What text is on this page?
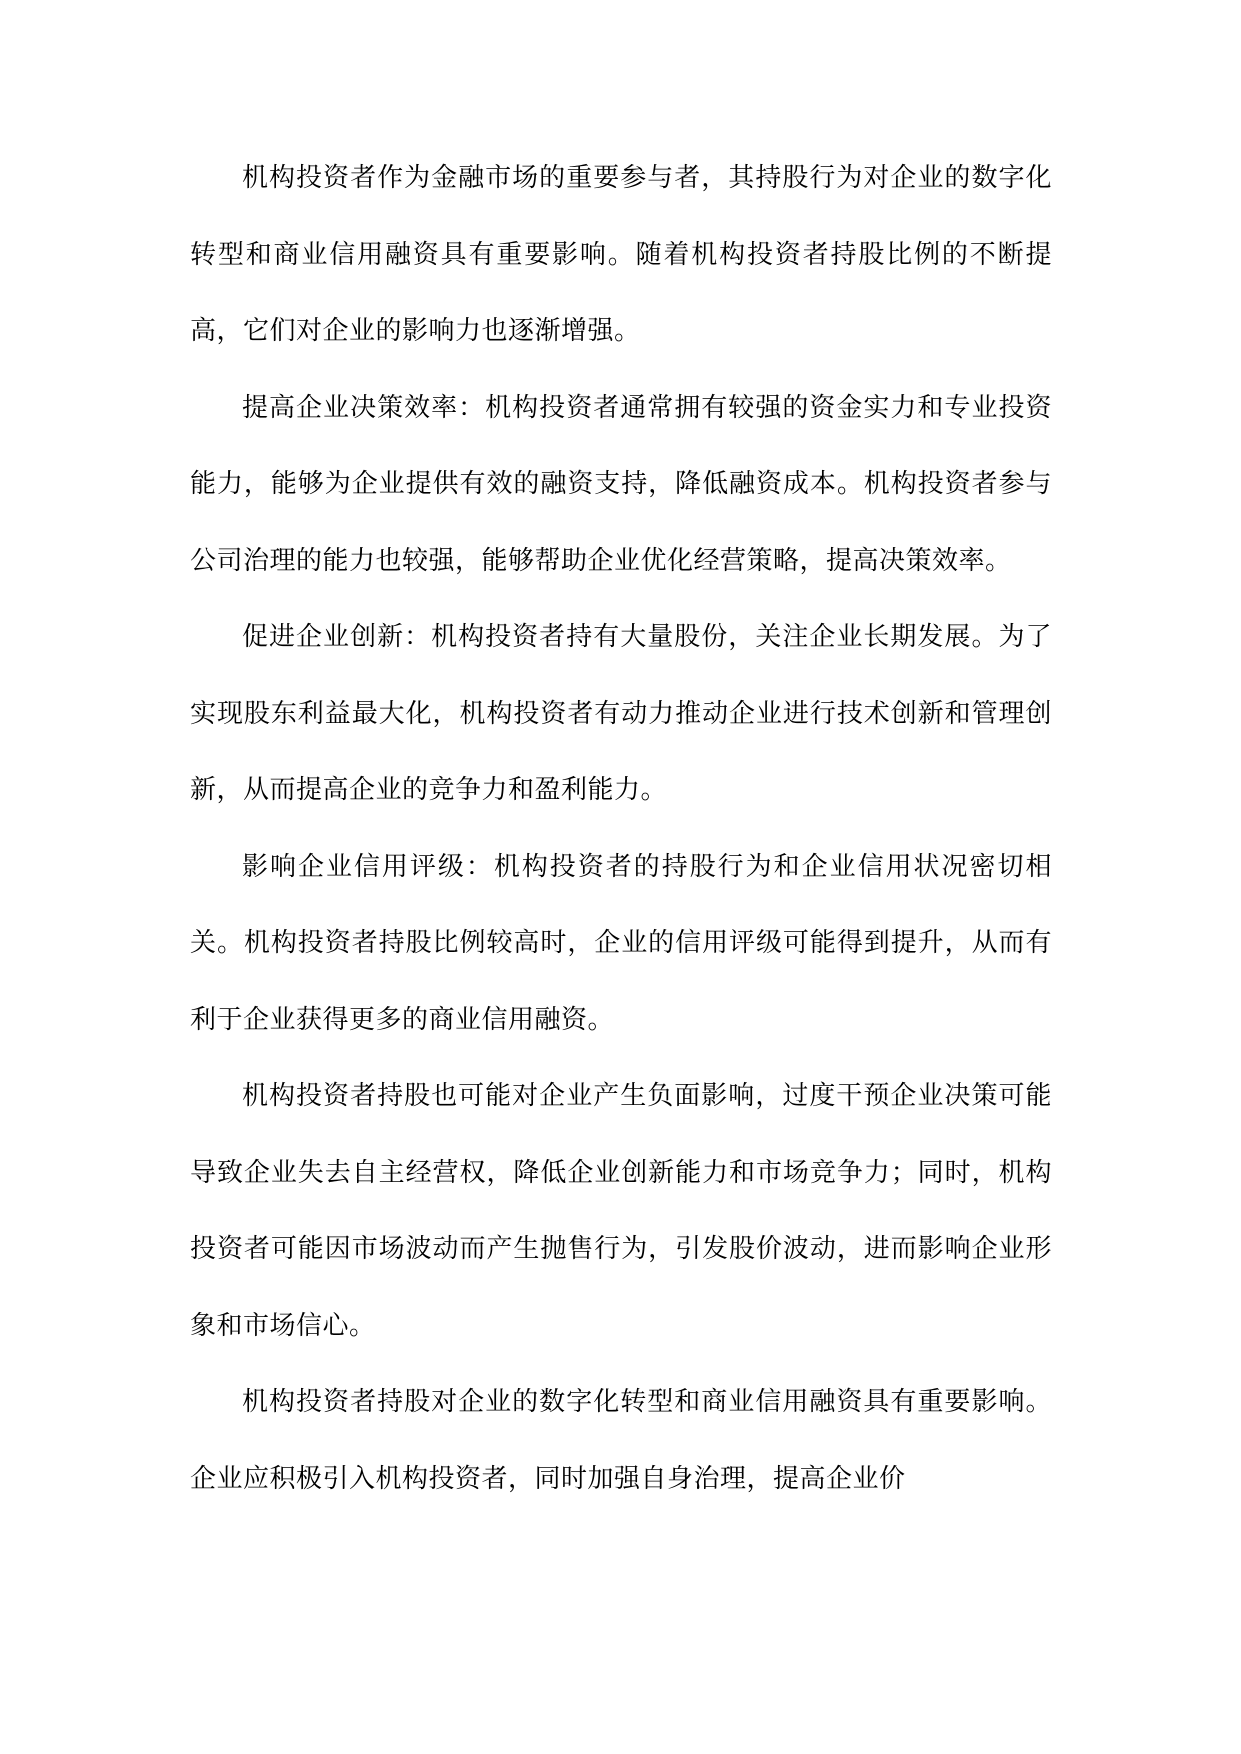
机构投资者作为金融市场的重要参与者，其持股行为对企业的数字化转型和商业信用融资具有重要影响。随着机构投资者持股比例的不断提高，它们对企业的影响力也逐渐增强。

提高企业决策效率：机构投资者通常拥有较强的资金实力和专业投资能力，能够为企业提供有效的融资支持，降低融资成本。机构投资者参与公司治理的能力也较强，能够帮助企业优化经营策略，提高决策效率。

促进企业创新：机构投资者持有大量股份，关注企业长期发展。为了实现股东利益最大化，机构投资者有动力推动企业进行技术创新和管理创新，从而提高企业的竞争力和盈利能力。

影响企业信用评级：机构投资者的持股行为和企业信用状况密切相关。机构投资者持股比例较高时，企业的信用评级可能得到提升，从而有利于企业获得更多的商业信用融资。

机构投资者持股也可能对企业产生负面影响，过度干预企业决策可能导致企业失去自主经营权，降低企业创新能力和市场竞争力；同时，机构投资者可能因市场波动而产生抛售行为，引发股价波动，进而影响企业形象和市场信心。

机构投资者持股对企业的数字化转型和商业信用融资具有重要影响。企业应积极引入机构投资者，同时加强自身治理，提高企业价
